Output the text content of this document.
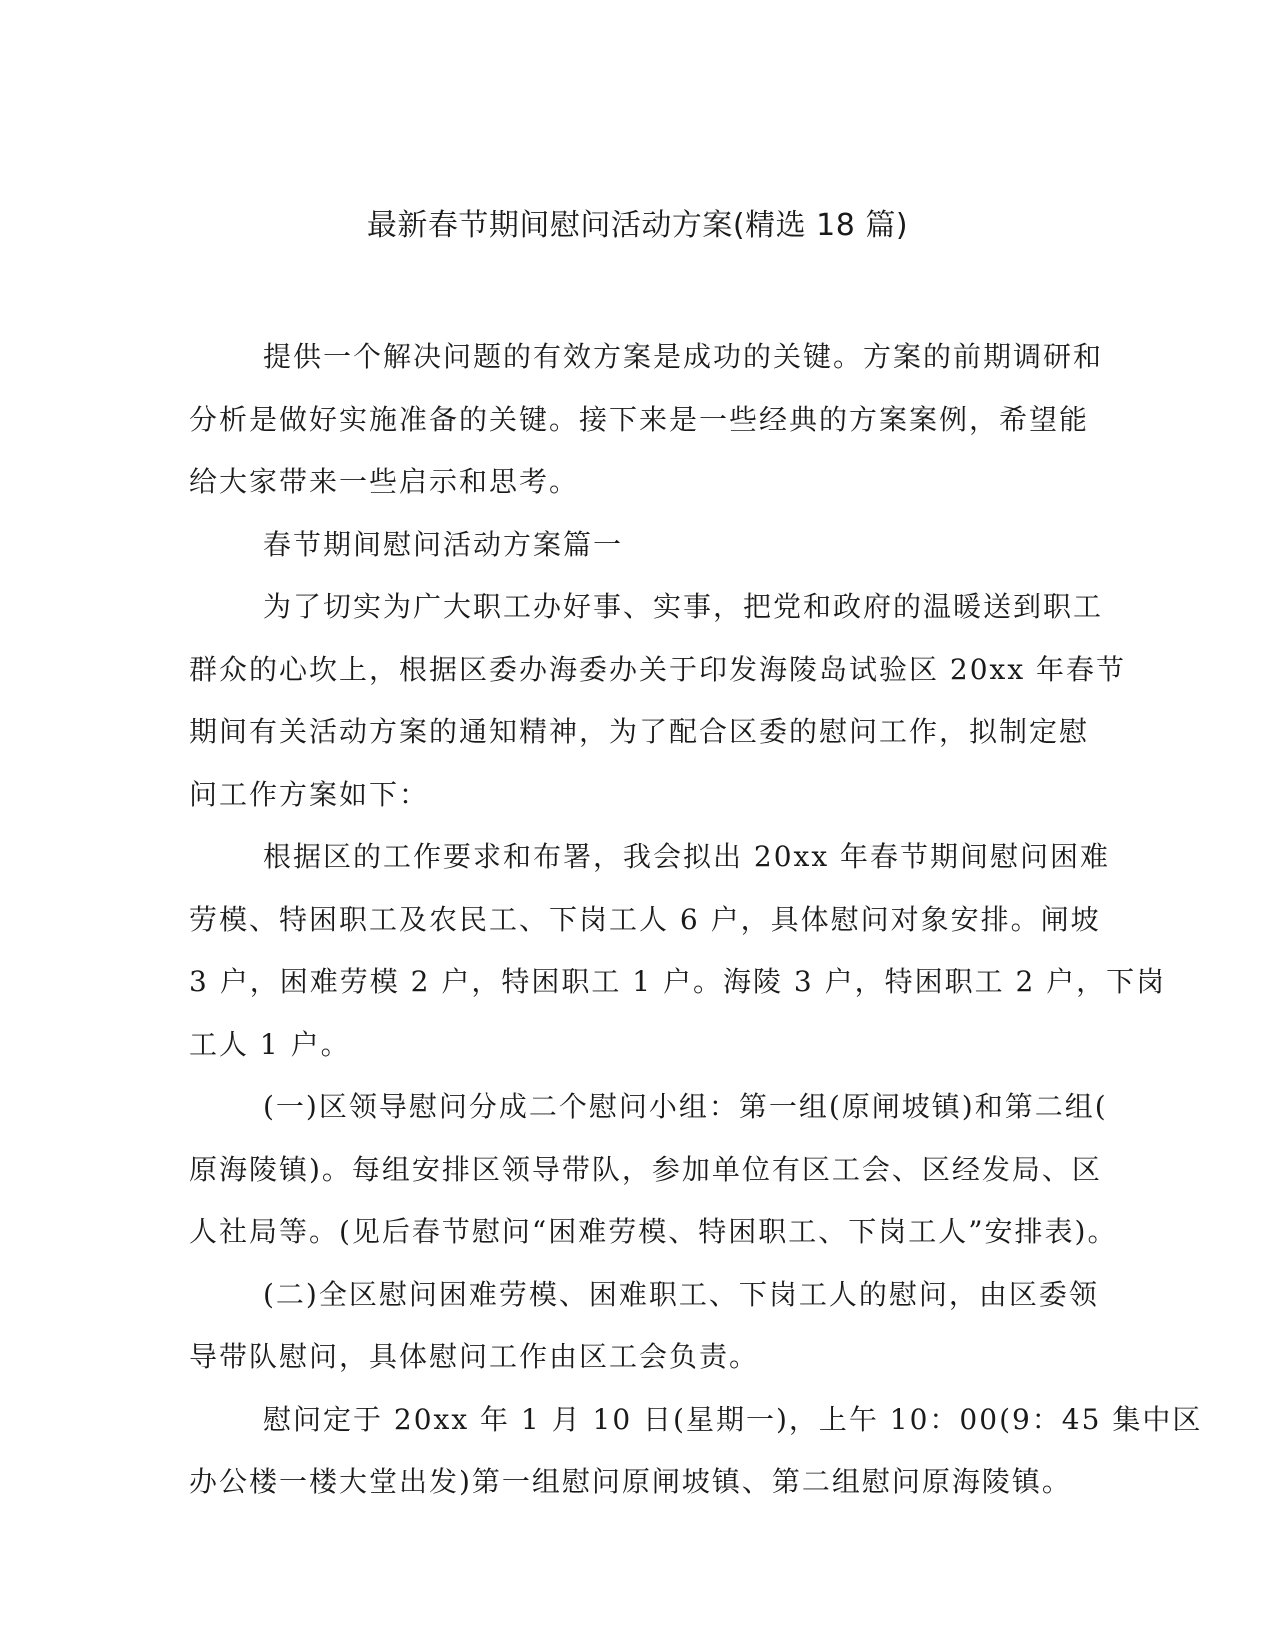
最新春节期间慰问活动方案(精选 18 篇)

提供一个解决问题的有效方案是成功的关键。方案的前期调研和
分析是做好实施准备的关键。接下来是一些经典的方案案例，希望能
给大家带来一些启示和思考。

春节期间慰问活动方案篇一

为了切实为广大职工办好事、实事，把党和政府的温暖送到职工
群众的心坎上，根据区委办海委办关于印发海陵岛试验区 20xx 年春节
期间有关活动方案的通知精神，为了配合区委的慰问工作，拟制定慰
问工作方案如下：

根据区的工作要求和布署，我会拟出 20xx 年春节期间慰问困难
劳模、特困职工及农民工、下岗工人 6 户，具体慰问对象安排。闸坡
3 户，困难劳模 2 户，特困职工 1 户。海陵 3 户，特困职工 2 户，下岗
工人 1 户。

(一)区领导慰问分成二个慰问小组：第一组(原闸坡镇)和第二组(
原海陵镇)。每组安排区领导带队，参加单位有区工会、区经发局、区
人社局等。(见后春节慰问“困难劳模、特困职工、下岗工人”安排表)。

(二)全区慰问困难劳模、困难职工、下岗工人的慰问，由区委领
导带队慰问，具体慰问工作由区工会负责。

慰问定于 20xx 年 1 月 10 日(星期一)，上午 10：00(9：45 集中区
办公楼一楼大堂出发)第一组慰问原闸坡镇、第二组慰问原海陵镇。
